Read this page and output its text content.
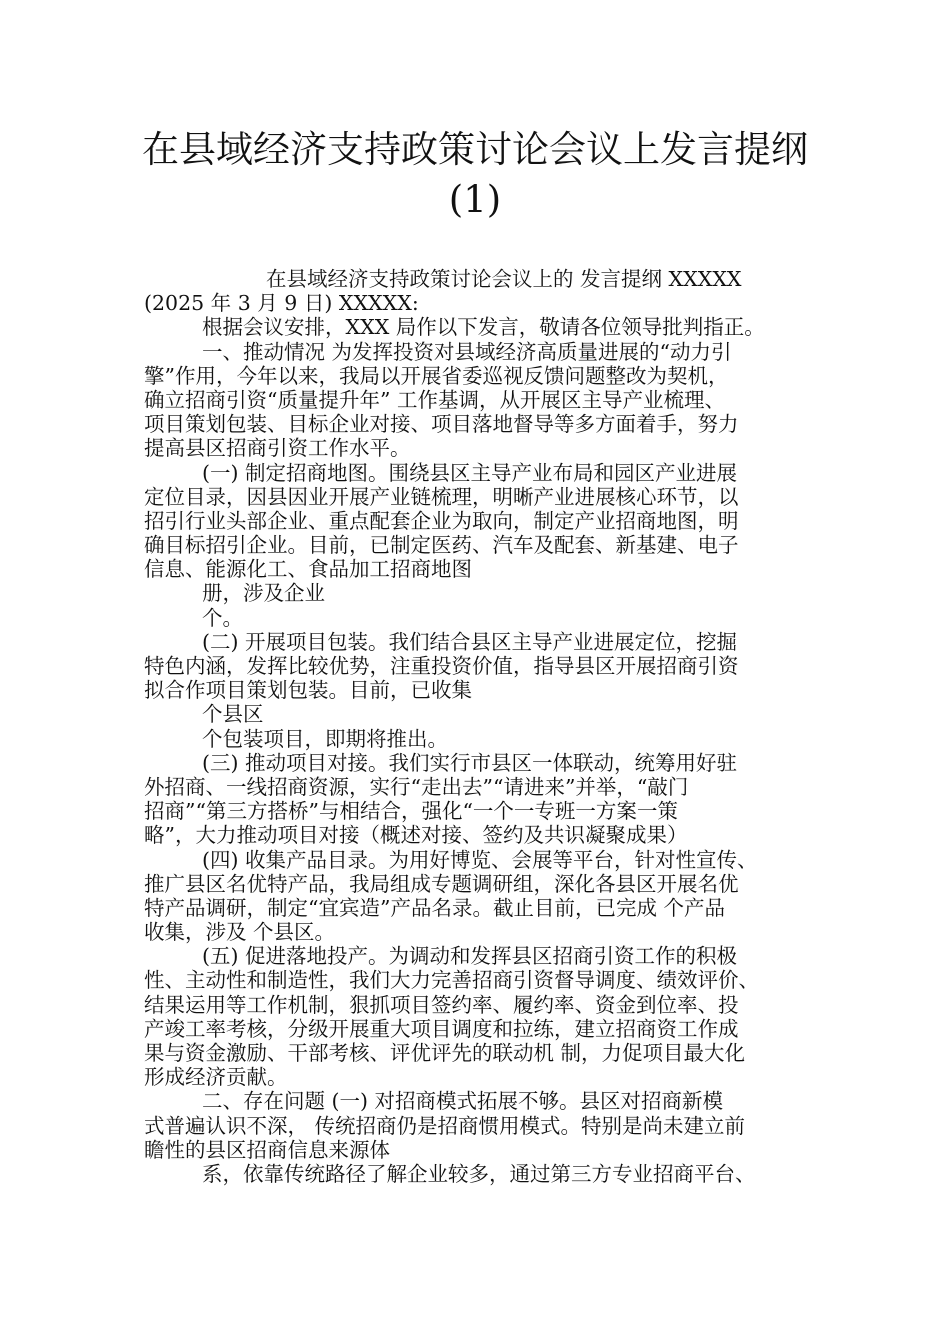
在县域经济支持政策讨论会议上发言提纲
(1)
在县域经济支持政策讨论会议上的 发言提纲 XXXXX
(2025 年 3 月 9 日) XXXXX:
根据会议安排，XXX 局作以下发言，敬请各位领导批判指正。
一、推动情况 为发挥投资对县域经济高质量进展的“动力引
擎”作用，今年以来，我局以开展省委巡视反馈问题整改为契机，
确立招商引资“质量提升年” 工作基调，从开展区主导产业梳理、
项目策划包装、目标企业对接、项目落地督导等多方面着手，努力
提高县区招商引资工作水平。
(一) 制定招商地图。围绕县区主导产业布局和园区产业进展
定位目录，因县因业开展产业链梳理，明晰产业进展核心环节，以
招引行业头部企业、重点配套企业为取向，制定产业招商地图，明
确目标招引企业。目前，已制定医药、汽车及配套、新基建、电子
信息、能源化工、食品加工招商地图
册，涉及企业
个。
(二) 开展项目包装。我们结合县区主导产业进展定位，挖掘
特色内涵，发挥比较优势，注重投资价值，指导县区开展招商引资
拟合作项目策划包装。目前，已收集
个县区
个包装项目，即期将推出。
(三) 推动项目对接。我们实行市县区一体联动，统筹用好驻
外招商、一线招商资源，实行“走出去”“请进来”并举，“敲门
招商”“第三方搭桥”与相结合，强化“一个一专班一方案一策
略”，大力推动项目对接（概述对接、签约及共识凝聚成果）
(四) 收集产品目录。为用好博览、会展等平台，针对性宣传、
推广县区名优特产品，我局组成专题调研组，深化各县区开展名优
特产品调研，制定“宜宾造”产品名录。截止目前，已完成 个产品
收集，涉及 个县区。
(五) 促进落地投产。为调动和发挥县区招商引资工作的积极
性、主动性和制造性，我们大力完善招商引资督导调度、绩效评价、
结果运用等工作机制，狠抓项目签约率、履约率、资金到位率、投
产竣工率考核，分级开展重大项目调度和拉练，建立招商资工作成
果与资金激励、干部考核、评优评先的联动机 制，力促项目最大化
形成经济贡献。
二、存在问题 (一) 对招商模式拓展不够。县区对招商新模
式普遍认识不深， 传统招商仍是招商惯用模式。特别是尚未建立前
瞻性的县区招商信息来源体
系，依靠传统路径了解企业较多，通过第三方专业招商平台、
